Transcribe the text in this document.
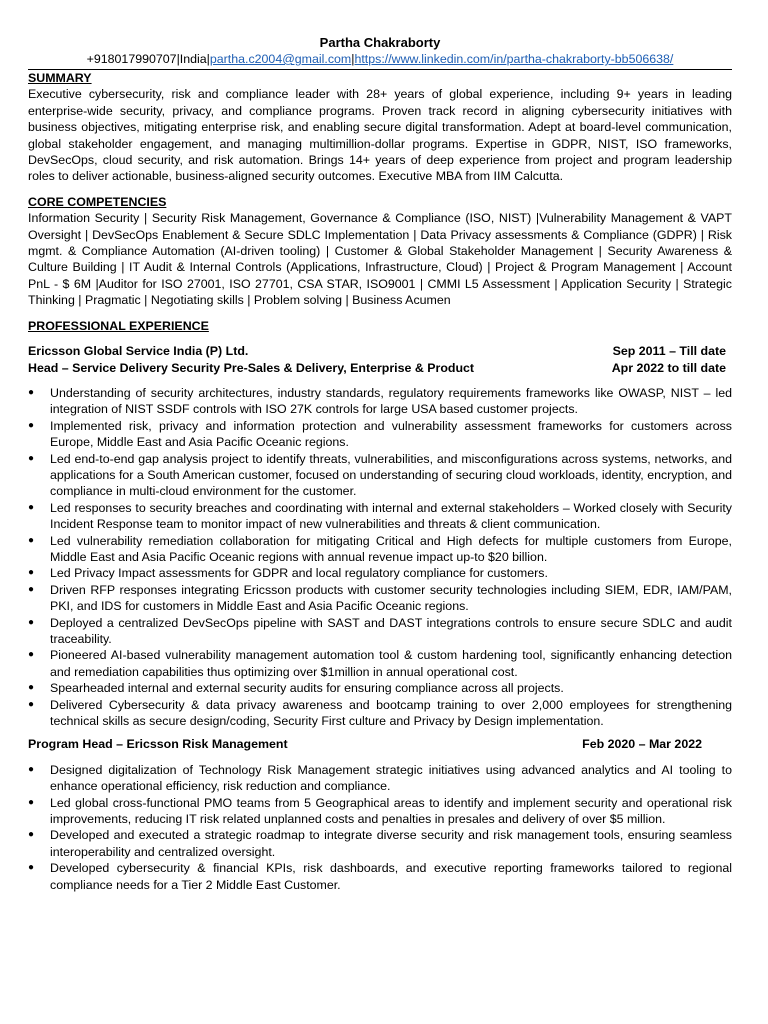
Partha Chakraborty

+918017990707|India|partha.c2004@gmail.com|https://www.linkedin.com/in/partha-chakraborty-bb506638/

SUMMARY

Executive cybersecurity, risk and compliance leader with 28+ years of global experience, including 9+ years in leading enterprise-wide security, privacy, and compliance programs. Proven track record in aligning cybersecurity initiatives with business objectives, mitigating enterprise risk, and enabling secure digital transformation. Adept at board-level communication, global stakeholder engagement, and managing multimillion-dollar programs. Expertise in GDPR, NIST, ISO frameworks, DevSecOps, cloud security, and risk automation. Brings 14+ years of deep experience from project and program leadership roles to deliver actionable, business-aligned security outcomes. Executive MBA from IIM Calcutta.

CORE COMPETENCIES

Information Security | Security Risk Management, Governance & Compliance (ISO, NIST) |Vulnerability Management & VAPT Oversight | DevSecOps Enablement & Secure SDLC Implementation | Data Privacy assessments & Compliance (GDPR) | Risk mgmt. & Compliance Automation (AI-driven tooling) | Customer & Global Stakeholder Management | Security Awareness & Culture Building | IT Audit & Internal Controls (Applications, Infrastructure, Cloud) | Project & Program Management | Account PnL - $ 6M |Auditor for ISO 27001, ISO 27701, CSA STAR, ISO9001 | CMMI L5 Assessment | Application Security | Strategic Thinking | Pragmatic | Negotiating skills | Problem solving | Business Acumen

PROFESSIONAL EXPERIENCE

Ericsson Global Service India (P) Ltd.	Sep 2011 – Till date
Head – Service Delivery Security Pre-Sales & Delivery, Enterprise & Product	Apr 2022 to till date
●	Understanding of security architectures, industry standards, regulatory requirements frameworks like OWASP, NIST – led integration of NIST SSDF controls with ISO 27K controls for large USA based customer projects.
●	Implemented risk, privacy and information protection and vulnerability assessment frameworks for customers across Europe, Middle East and Asia Pacific Oceanic regions.
●	Led end-to-end gap analysis project to identify threats, vulnerabilities, and misconfigurations across systems, networks, and applications for a South American customer, focused on understanding of securing cloud workloads, identity, encryption, and compliance in multi-cloud environment for the customer.
●	Led responses to security breaches and coordinating with internal and external stakeholders – Worked closely with Security Incident Response team to monitor impact of new vulnerabilities and threats & client communication.
●	Led vulnerability remediation collaboration for mitigating Critical and High defects for multiple customers from Europe, Middle East and Asia Pacific Oceanic regions with annual revenue impact up-to $20 billion.
●	Led Privacy Impact assessments for GDPR and local regulatory compliance for customers.
●	Driven RFP responses integrating Ericsson products with customer security technologies including SIEM, EDR, IAM/PAM, PKI, and IDS for customers in Middle East and Asia Pacific Oceanic regions.
●	Deployed a centralized DevSecOps pipeline with SAST and DAST integrations controls to ensure secure SDLC and audit traceability.
●	Pioneered AI-based vulnerability management automation tool & custom hardening tool, significantly enhancing detection and remediation capabilities thus optimizing over $1million in annual operational cost.
●	Spearheaded internal and external security audits for ensuring compliance across all projects.
●	Delivered Cybersecurity & data privacy awareness and bootcamp training to over 2,000 employees for strengthening technical skills as secure design/coding, Security First culture and Privacy by Design implementation.
Program Head – Ericsson Risk Management	Feb 2020 – Mar 2022
●	Designed digitalization of Technology Risk Management strategic initiatives using advanced analytics and AI tooling to enhance operational efficiency, risk reduction and compliance.
●	Led global cross-functional PMO teams from 5 Geographical areas to identify and implement security and operational risk improvements, reducing IT risk related unplanned costs and penalties in presales and delivery of over $5 million.
●	Developed and executed a strategic roadmap to integrate diverse security and risk management tools, ensuring seamless interoperability and centralized oversight.
●	Developed cybersecurity & financial KPIs, risk dashboards, and executive reporting frameworks tailored to regional compliance needs for a Tier 2 Middle East Customer.
